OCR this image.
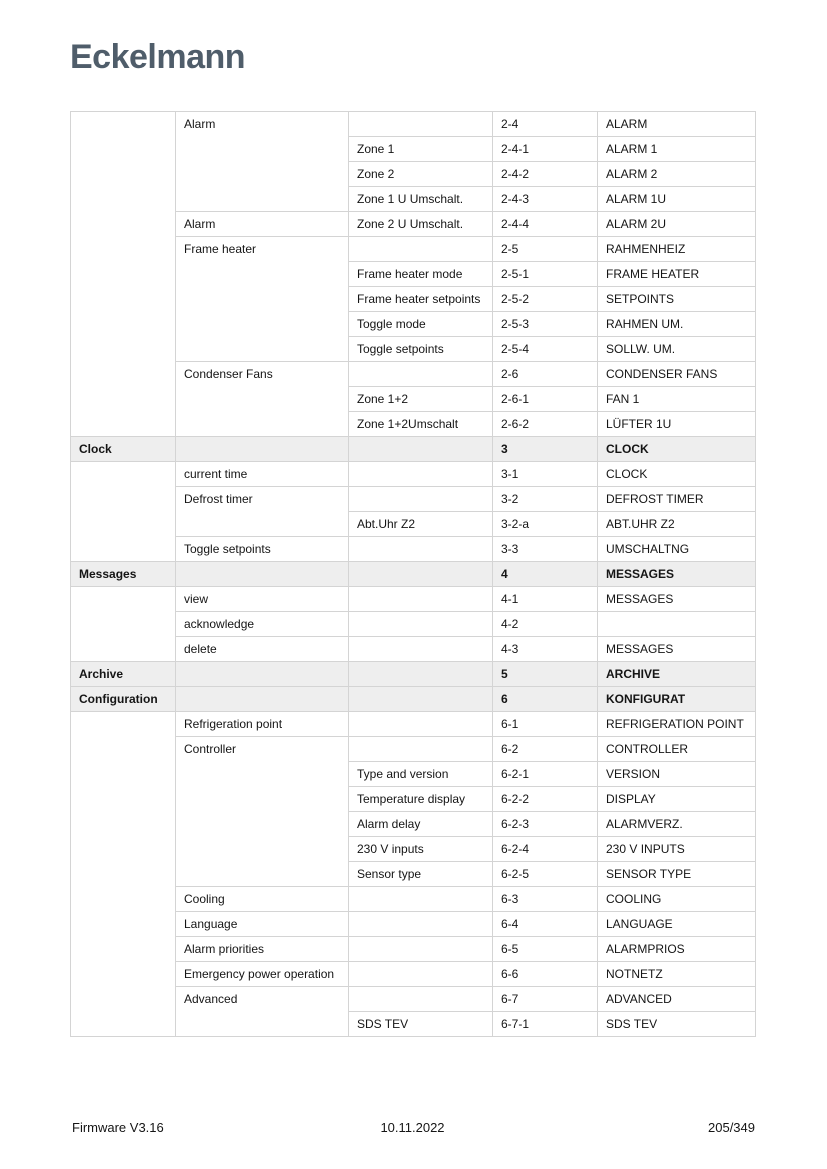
Eckelmann
	Alarm		2-4	ALARM
		Zone 1	2-4-1	ALARM 1
		Zone 2	2-4-2	ALARM 2
		Zone 1 U Umschalt.	2-4-3	ALARM 1U
	Alarm	Zone 2 U Umschalt.	2-4-4	ALARM 2U
	Frame heater		2-5	RAHMENHEIZ
		Frame heater mode	2-5-1	FRAME HEATER
		Frame heater setpoints	2-5-2	SETPOINTS
		Toggle mode	2-5-3	RAHMEN UM.
		Toggle setpoints	2-5-4	SOLLW. UM.
	Condenser Fans		2-6	CONDENSER FANS
		Zone 1+2	2-6-1	FAN 1
		Zone 1+2Umschalt	2-6-2	LÜFTER 1U
Clock			3	CLOCK
	current time		3-1	CLOCK
	Defrost timer		3-2	DEFROST TIMER
		Abt.Uhr Z2	3-2-a	ABT.UHR Z2
	Toggle setpoints		3-3	UMSCHALTNG
Messages			4	MESSAGES
	view		4-1	MESSAGES
	acknowledge		4-2	
	delete		4-3	MESSAGES
Archive			5	ARCHIVE
Configuration			6	KONFIGURAT
	Refrigeration point		6-1	REFRIGERATION POINT
	Controller		6-2	CONTROLLER
		Type and version	6-2-1	VERSION
		Temperature display	6-2-2	DISPLAY
		Alarm delay	6-2-3	ALARMVERZ.
		230 V inputs	6-2-4	230 V INPUTS
		Sensor type	6-2-5	SENSOR TYPE
	Cooling		6-3	COOLING
	Language		6-4	LANGUAGE
	Alarm priorities		6-5	ALARMPRIOS
	Emergency power operation		6-6	NOTNETZ
	Advanced		6-7	ADVANCED
		SDS TEV	6-7-1	SDS TEV
Firmware V3.16	10.11.2022	205/349
